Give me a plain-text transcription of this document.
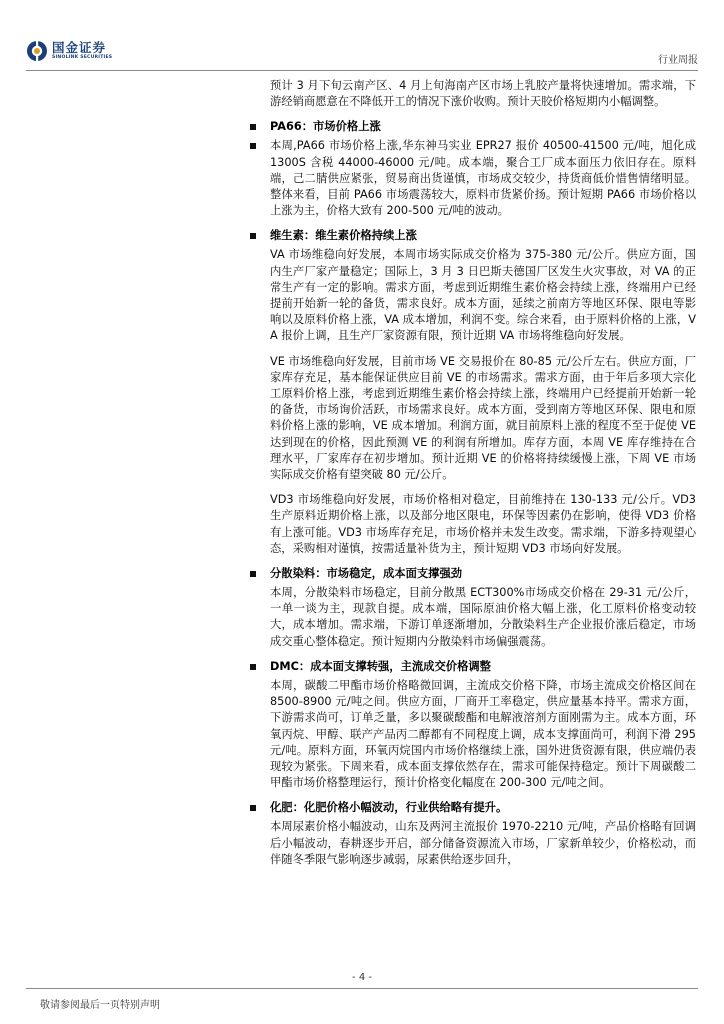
国金证券
SINOLINK SECURITIES	行业周报

预计 3 月下旬云南产区、4 月上旬海南产区市场上乳胶产量将快速增加。需求端，下游经销商愿意在不降低开工的情况下涨价收购。预计天胶价格短期内小幅调整。

PA66：市场价格上涨

本周,PA66 市场价格上涨,华东神马实业 EPR27 报价 40500-41500 元/吨，旭化成 1300S 含税 44000-46000 元/吨。成本端，聚合工厂成本面压力依旧存在。原料端，己二腈供应紧张，贸易商出货谨慎，市场成交较少，持货商低价惜售情绪明显。整体来看，目前 PA66 市场震荡较大，原料市货紧价扬。预计短期 PA66 市场价格以上涨为主，价格大致有 200-500 元/吨的波动。

维生素：维生素价格持续上涨

VA 市场维稳向好发展，本周市场实际成交价格为 375-380 元/公斤。供应方面，国内生产厂家产量稳定；国际上，3 月 3 日巴斯夫德国厂区发生火灾事故，对 VA 的正常生产有一定的影响。需求方面，考虑到近期维生素价格会持续上涨，终端用户已经提前开始新一轮的备货，需求良好。成本方面，延续之前南方等地区环保、限电等影响以及原料价格上涨，VA 成本增加，利润不变。综合来看，由于原料价格的上涨，VA 报价上调，且生产厂家资源有限，预计近期 VA 市场将维稳向好发展。

VE 市场维稳向好发展，目前市场 VE 交易报价在 80-85 元/公斤左右。供应方面，厂家库存充足，基本能保证供应目前 VE 的市场需求。需求方面，由于年后多项大宗化工原料价格上涨，考虑到近期维生素价格会持续上涨，终端用户已经提前开始新一轮的备货，市场询价活跃，市场需求良好。成本方面，受到南方等地区环保、限电和原料价格上涨的影响，VE 成本增加。利润方面，就目前原料上涨的程度不至于促使 VE 达到现在的价格，因此预测 VE 的利润有所增加。库存方面，本周 VE 库存维持在合理水平，厂家库存在初步增加。预计近期 VE 的价格将持续缓慢上涨，下周 VE 市场实际成交价格有望突破 80 元/公斤。

VD3 市场维稳向好发展，市场价格相对稳定，目前维持在 130-133 元/公斤。VD3 生产原料近期价格上涨，以及部分地区限电，环保等因素仍在影响，使得 VD3 价格有上涨可能。VD3 市场库存充足，市场价格并未发生改变。需求端，下游多持观望心态，采购相对谨慎，按需适量补货为主，预计短期 VD3 市场向好发展。

分散染料：市场稳定，成本面支撑强劲

本周，分散染料市场稳定，目前分散黑 ECT300%市场成交价格在 29-31 元/公斤，一单一谈为主，现款自提。成本端，国际原油价格大幅上涨，化工原料价格变动较大，成本增加。需求端，下游订单逐渐增加，分散染料生产企业报价涨后稳定，市场成交重心整体稳定。预计短期内分散染料市场偏强震荡。

DMC：成本面支撑转强，主流成交价格调整

本周，碳酸二甲酯市场价格略微回调，主流成交价格下降，市场主流成交价格区间在 8500-8900 元/吨之间。供应方面，厂商开工率稳定，供应量基本持平。需求方面，下游需求尚可，订单乏量，多以聚碳酸酯和电解液溶剂方面刚需为主。成本方面，环氧丙烷、甲醇、联产产品丙二醇都有不同程度上调，成本支撑面尚可，利润下滑 295 元/吨。原料方面，环氧丙烷国内市场价格继续上涨，国外进货资源有限，供应端仍表现较为紧张。下周来看，成本面支撑依然存在，需求可能保持稳定。预计下周碳酸二甲酯市场价格整理运行，预计价格变化幅度在 200-300 元/吨之间。

化肥：化肥价格小幅波动，行业供给略有提升。

本周尿素价格小幅波动，山东及两河主流报价 1970-2210 元/吨，产品价格略有回调后小幅波动，春耕逐步开启，部分储备资源流入市场，厂家新单较少，价格松动，而伴随冬季限气影响逐步减弱，尿素供给逐步回升，

- 4 -
敬请参阅最后一页特别声明
